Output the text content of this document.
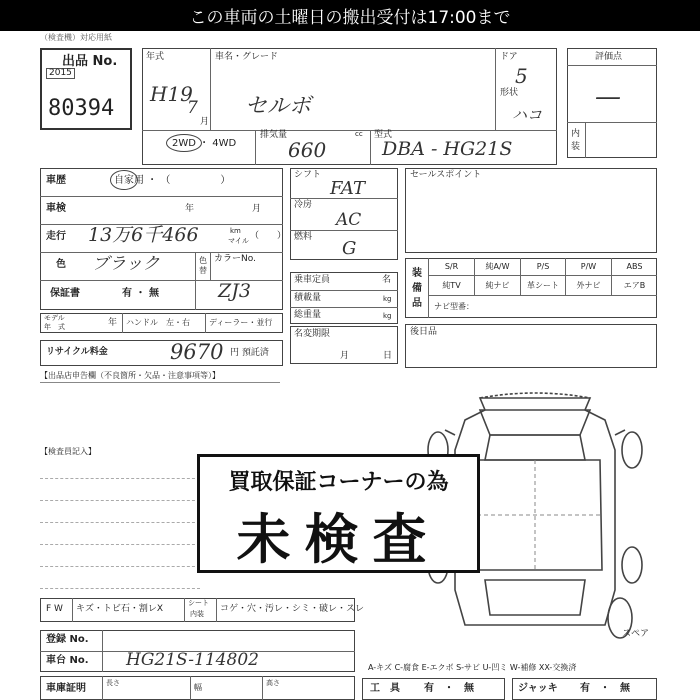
この車両の土曜日の搬出受付は17:00まで
（検査機）対応用紙
出品 No.
2015
80394
年式
H19
7
月
車名・グレード
セルボ
ドア
5
形状
ハコ
2WD ・ 4WD
排気量	cc
660
型式
DBA - HG21S
評価点
—
内装
車歴	自家用 ・ （　　　　　）
車検	年	月
走行 13万6千466	km
マイル （　　）
色 ブラック	色替
カラーNo.
ZJ3
保証書	有 ・ 無
モデル
年　式	年 ハンドル　左・右 ディーラー・並行
リサイクル料金	9670 円 預託済
【出品店申告欄（不良箇所・欠品・注意事項等）】
シフト
FAT
冷房
AC
燃料
G
乗車定員	名
積載量	kg
総重量	kg
名変期限
月	日
セールスポイント
装備品
S/R	純A/W	P/S	P/W	ABS
純TV	純ナビ	革シート	外ナビ	エアB
ナビ型番：
後日品
【検査員記入】
スペア
買取保証コーナーの為
未検査
F W キズ・トビ石・割レX
シート
内装 コゲ・穴・汚レ・シミ・破レ・スレ
登録 No.
車台 No. HG21S-114802
車庫証明	長さ	幅	高さ
A-キズ C-腐食 E-エクボ S-サビ U-凹ミ W-補修 XX-交換済
工　具 有　・　無	ジャッキ 有　・　無
